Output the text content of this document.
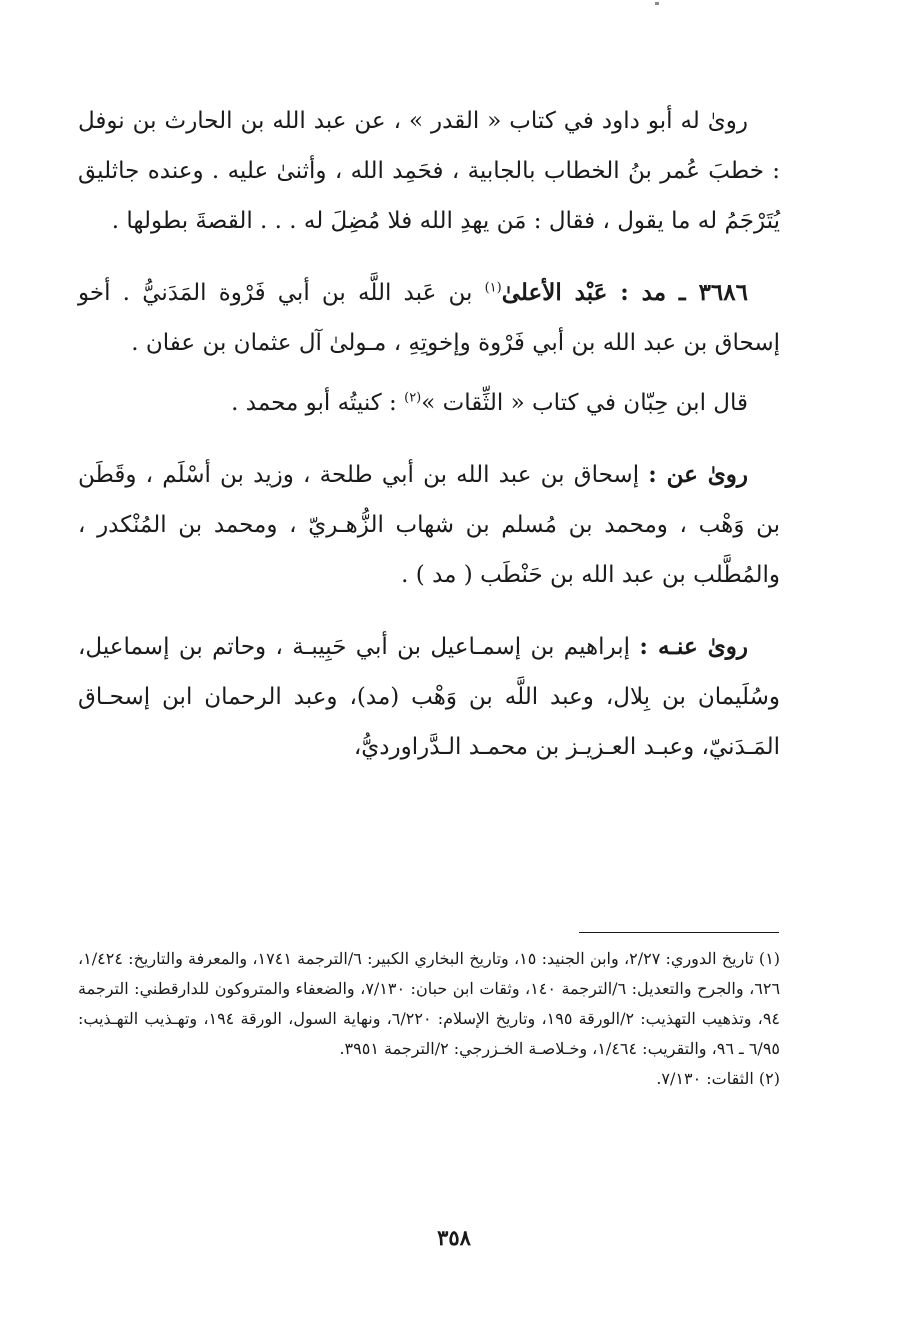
روىٰ له أبو داود في كتاب « القدر » ، عن عبد الله بن الحارث بن نوفل : خطبَ عُمر بنُ الخطاب بالجابية ، فحَمِد الله ، وأثنىٰ عليه . وعنده جاثليق يُتَرْجَمُ له ما يقول ، فقال : مَن يهدِ الله فلا مُضِلَ له . . . القصةَ بطولها .

٣٦٨٦ ـ مد : عَبْد الأعلىٰ$^{(١)}$ بن عَبد اللَّه بن أبي فَرْوة المَدَنيُّ . أخو إسحاق بن عبد الله بن أبي فَرْوة وإخوتِهِ ، مـولىٰ آل عثمان بن عفان .

قال ابن حِبّان في كتاب « الثِّقات »$^{(٢)}$ : كنيتُه أبو محمد .

روىٰ عن : إسحاق بن عبد الله بن أبي طلحة ، وزيد بن أسْلَم ، وقَطَن بن وَهْب ، ومحمد بن مُسلم بن شهاب الزُّهـريّ ، ومحمد بن المُنْكدر ، والمُطَّلب بن عبد الله بن حَنْطَب ( مد ) .

روىٰ عنـه : إبراهيم بن إسمـاعيل بن أبي حَبِيبـة ، وحاتم بن إسماعيل، وسُلَيمان بن بِلال، وعبد اللَّه بن وَهْب (مد)، وعبد الرحمان ابن إسحـاق المَـدَنيّ، وعبـد العـزيـز بن محمـد الـدَّراورديُّ،

(١) تاريخ الدوري: ٢/٢٧، وابن الجنيد: ١٥، وتاريخ البخاري الكبير: ٦/الترجمة ١٧٤١، والمعرفة والتاريخ: ١/٤٢٤، ٦٢٦، والجرح والتعديل: ٦/الترجمة ١٤٠، وثقات ابن حبان: ٧/١٣٠، والضعفاء والمتروكون للدارقطني: الترجمة ٩٤، وتذهيب التهذيب: ٢/الورقة ١٩٥، وتاريخ الإسلام: ٦/٢٢٠، ونهاية السول، الورقة ١٩٤، وتهـذيب التهـذيب: ٦/٩٥ ـ ٩٦، والتقريب: ١/٤٦٤، وخـلاصـة الخـزرجي: ٢/الترجمة ٣٩٥١.

(٢) الثقات: ٧/١٣٠.

٣٥٨
